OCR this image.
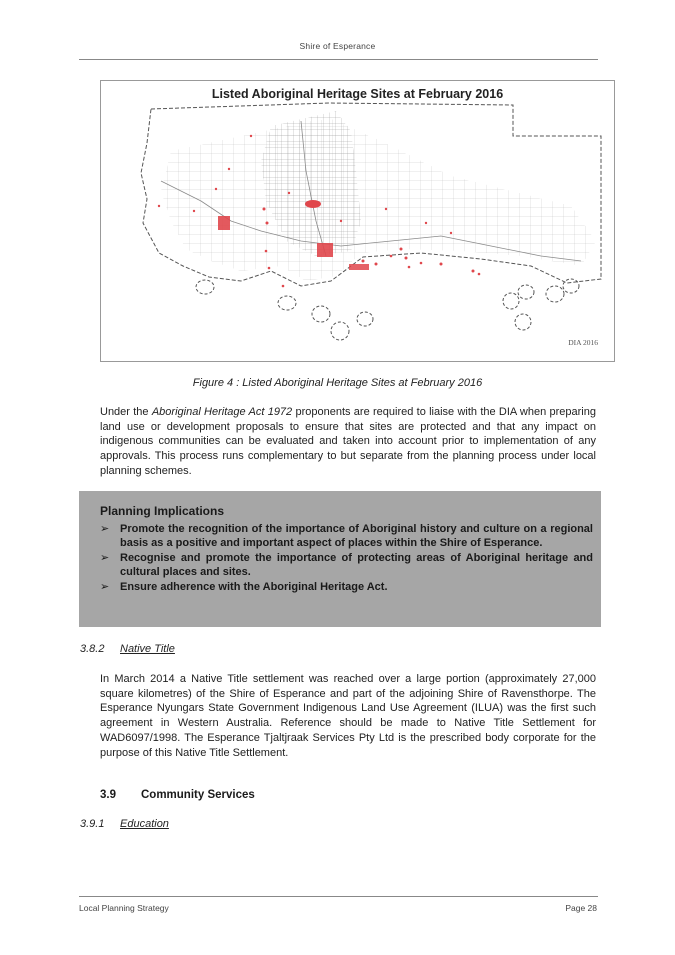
Shire of Esperance
Listed Aboriginal Heritage Sites at February 2016
DIA 2016
Figure 4 : Listed Aboriginal Heritage Sites at February 2016
Under the Aboriginal Heritage Act 1972 proponents are required to liaise with the DIA when preparing land use or development proposals to ensure that sites are protected and that any impact on indigenous communities can be evaluated and taken into account prior to implementation of any approvals. This process runs complementary to but separate from the planning process under local planning schemes.
Planning Implications
➢ Promote the recognition of the importance of Aboriginal history and culture on a regional basis as a positive and important aspect of places within the Shire of Esperance.
➢ Recognise and promote the importance of protecting areas of Aboriginal heritage and cultural places and sites.
➢ Ensure adherence with the Aboriginal Heritage Act.
3.8.2 Native Title
In March 2014 a Native Title settlement was reached over a large portion (approximately 27,000 square kilometres) of the Shire of Esperance and part of the adjoining Shire of Ravensthorpe. The Esperance Nyungars State Government Indigenous Land Use Agreement (ILUA) was the first such agreement in Western Australia. Reference should be made to Native Title Settlement for WAD6097/1998. The Esperance Tjaltjraak Services Pty Ltd is the prescribed body corporate for the purpose of this Native Title Settlement.
3.9 Community Services
3.9.1 Education
Local Planning Strategy	Page 28
